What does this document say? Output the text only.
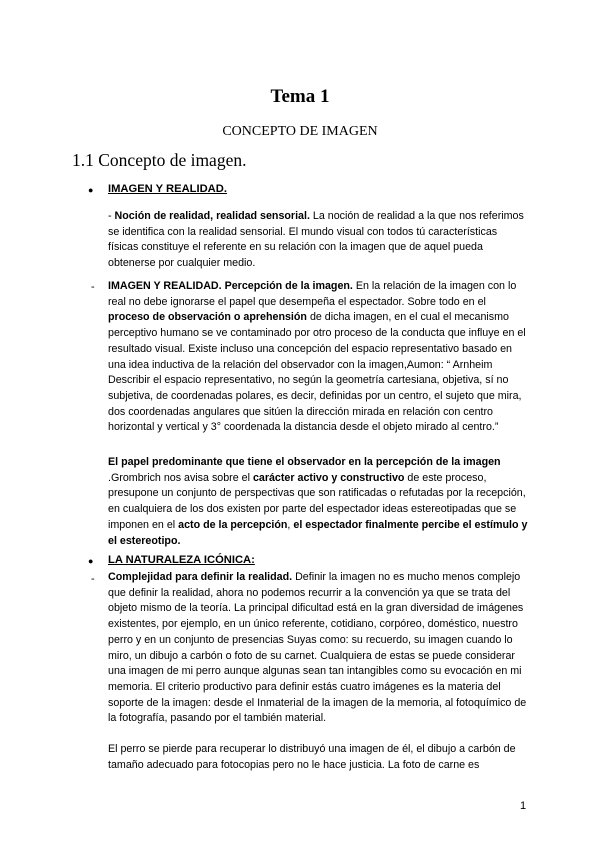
Tema 1
CONCEPTO DE IMAGEN
1.1 Concepto de imagen.
● IMAGEN Y REALIDAD.

- Noción de realidad, realidad sensorial. La noción de realidad a la que nos referimos se identifica con la realidad sensorial. El mundo visual con todos tú características físicas constituye el referente en su relación con la imagen que de aquel pueda obtenerse por cualquier medio.

- IMAGEN Y REALIDAD. Percepción de la imagen. En la relación de la imagen con lo real no debe ignorarse el papel que desempeña el espectador. Sobre todo en el proceso de observación o aprehensión de dicha imagen, en el cual el mecanismo perceptivo humano se ve contaminado por otro proceso de la conducta que influye en el resultado visual. Existe incluso una concepción del espacio representativo basado en una idea inductiva de la relación del observador con la imagen,Aumon: “ Arnheim Describir el espacio representativo, no según la geometría cartesiana, objetiva, sí no subjetiva, de coordenadas polares, es decir, definidas por un centro, el sujeto que mira, dos coordenadas angulares que sitúen la dirección mirada en relación con centro horizontal y vertical y 3° coordenada la distancia desde el objeto mirado al centro.”

El papel predominante que tiene el observador en la percepción de la imagen .Grombrich nos avisa sobre el carácter activo y constructivo de este proceso, presupone un conjunto de perspectivas que son ratificadas o refutadas por la recepción, en cualquiera de los dos existen por parte del espectador ideas estereotipadas que se imponen en el acto de la percepción, el espectador finalmente percibe el estímulo y el estereotipo.

● LA NATURALEZA ICÓNICA:
- Complejidad para definir la realidad. Definir la imagen no es mucho menos complejo que definir la realidad, ahora no podemos recurrir a la convención ya que se trata del objeto mismo de la teoría. La principal dificultad está en la gran diversidad de imágenes existentes, por ejemplo, en un único referente, cotidiano, corpóreo, doméstico, nuestro perro y en un conjunto de presencias Suyas como: su recuerdo, su imagen cuando lo miro, un dibujo a carbón o foto de su carnet. Cualquiera de estas se puede considerar una imagen de mi perro aunque algunas sean tan intangibles como su evocación en mi memoria. El criterio productivo para definir estás cuatro imágenes es la materia del soporte de la imagen: desde el Inmaterial de la imagen de la memoria, al fotoquímico de la fotografía, pasando por el también material.

El perro se pierde para recuperar lo distribuyó una imagen de él, el dibujo a carbón de tamaño adecuado para fotocopias pero no le hace justicia. La foto de carne es

1
